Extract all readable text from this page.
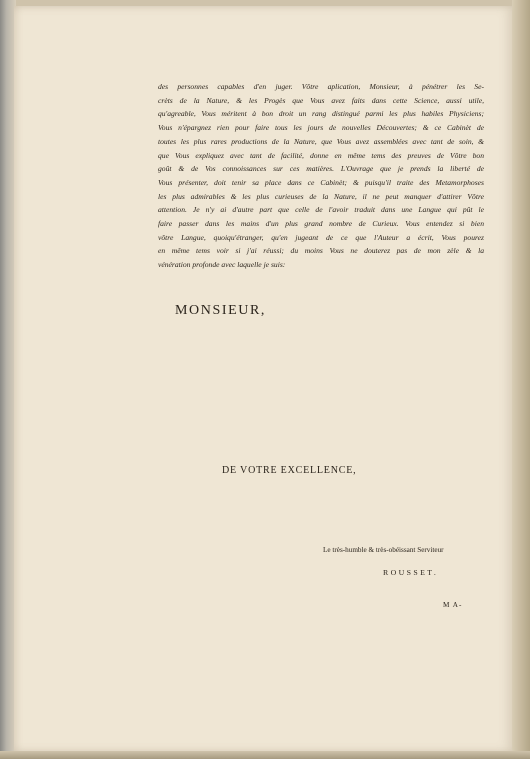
des personnes capables d'en juger. Vôtre aplication, Monsieur, à pénétrer les Se-
crèts de la Nature, & les Progès que Vous avez faits dans cette Science, aussi utile,
qu'agreable, Vous méritent à bon droit un rang distingué parmi les plus habiles Physiciens;
Vous n'épargnez rien pour faire tous les jours de nouvelles Découvertes; & ce Cabinèt de
toutes les plus rares productions de la Nature, que Vous avez assemblées avec tant de soin, &
que Vous expliquez avec tant de facilité, donne en même tems des preuves de Vôtre bon
goût & de Vos connoissances sur ces matières. L'Ouvrage que je prends la liberté de
Vous présenter, doit tenir sa place dans ce Cabinèt; & puisqu'il traite des Metamorphoses
les plus admirables & les plus curieuses de la Nature, il ne peut manquer d'attirer Vôtre
attention. Je n'y ai d'autre part que celle de l'avoir traduit dans une Langue qui pût le
faire passer dans les mains d'un plus grand nombre de Curieux. Vous entendez si bien
vôtre Langue, quoiqu'étranger, qu'en jugeant de ce que l'Auteur a écrit, Vous pourez
en même tems voir si j'ai réussi; du moins Vous ne douterez pas de mon zèle & la
vénération profonde avec laquelle je suis:
MONSIEUR,
DE VOTRE EXCELLENCE,
Le très-humble & très-obéissant Serviteur
ROUSSET.
M A-
